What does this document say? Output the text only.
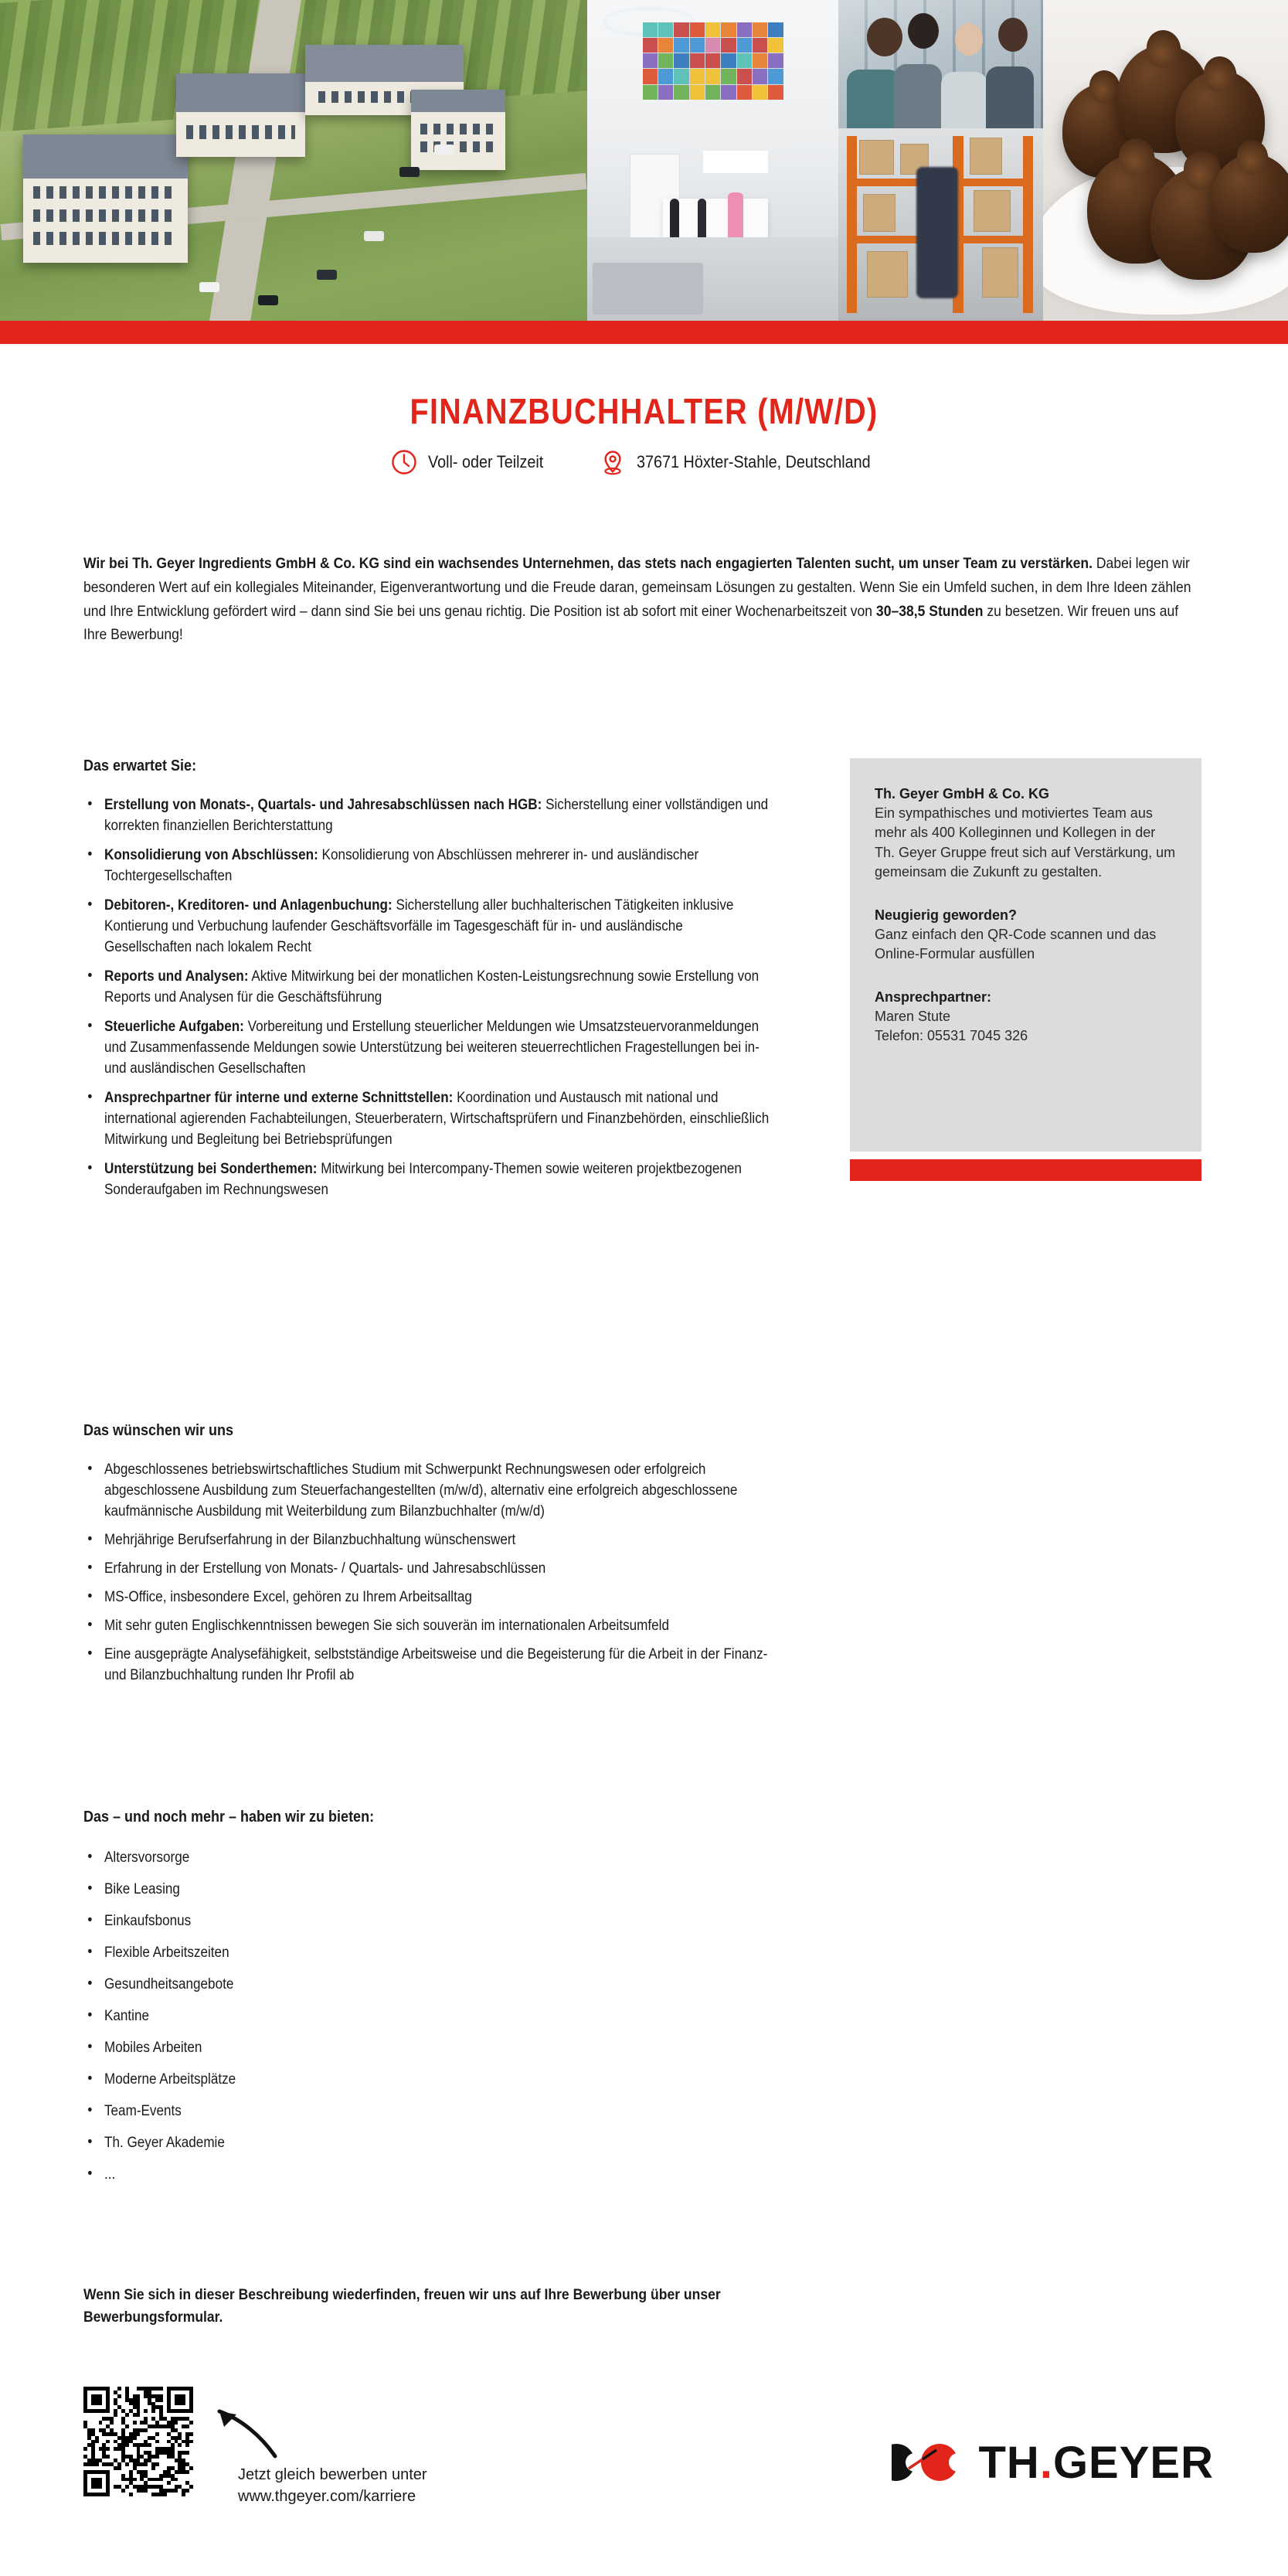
FINANZBUCHHALTER (M/W/D)
Voll- oder Teilzeit	37671 Höxter-Stahle, Deutschland

Wir bei Th. Geyer Ingredients GmbH & Co. KG sind ein wachsendes Unternehmen, das stets nach engagierten Talenten sucht, um unser Team zu verstärken. Dabei legen wir besonderen Wert auf ein kollegiales Miteinander, Eigenverantwortung und die Freude daran, gemeinsam Lösungen zu gestalten. Wenn Sie ein Umfeld suchen, in dem Ihre Ideen zählen und Ihre Entwicklung gefördert wird – dann sind Sie bei uns genau richtig. Die Position ist ab sofort mit einer Wochenarbeitszeit von 30–38,5 Stunden zu besetzen. Wir freuen uns auf Ihre Bewerbung!

Das erwartet Sie:
• Erstellung von Monats-, Quartals- und Jahresabschlüssen nach HGB: Sicherstellung einer vollständigen und korrekten finanziellen Berichterstattung
• Konsolidierung von Abschlüssen: Konsolidierung von Abschlüssen mehrerer in- und ausländischer Tochtergesellschaften
• Debitoren-, Kreditoren- und Anlagenbuchung: Sicherstellung aller buchhalterischen Tätigkeiten inklusive Kontierung und Verbuchung laufender Geschäftsvorfälle im Tagesgeschäft für in- und ausländische Gesellschaften nach lokalem Recht
• Reports und Analysen: Aktive Mitwirkung bei der monatlichen Kosten-Leistungsrechnung sowie Erstellung von Reports und Analysen für die Geschäftsführung
• Steuerliche Aufgaben: Vorbereitung und Erstellung steuerlicher Meldungen wie Umsatzsteuervoranmeldungen und Zusammenfassende Meldungen sowie Unterstützung bei weiteren steuerrechtlichen Fragestellungen bei in- und ausländischen Gesellschaften
• Ansprechpartner für interne und externe Schnittstellen: Koordination und Austausch mit national und international agierenden Fachabteilungen, Steuerberatern, Wirtschaftsprüfern und Finanzbehörden, einschließlich Mitwirkung und Begleitung bei Betriebsprüfungen
• Unterstützung bei Sonderthemen: Mitwirkung bei Intercompany-Themen sowie weiteren projektbezogenen Sonderaufgaben im Rechnungswesen
Das wünschen wir uns
• Abgeschlossenes betriebswirtschaftliches Studium mit Schwerpunkt Rechnungswesen oder erfolgreich abgeschlossene Ausbildung zum Steuerfachangestellten (m/w/d), alternativ eine erfolgreich abgeschlossene kaufmännische Ausbildung mit Weiterbildung zum Bilanzbuchhalter (m/w/d)
• Mehrjährige Berufserfahrung in der Bilanzbuchhaltung wünschenswert
• Erfahrung in der Erstellung von Monats- / Quartals- und Jahresabschlüssen
• MS-Office, insbesondere Excel, gehören zu Ihrem Arbeitsalltag
• Mit sehr guten Englischkenntnissen bewegen Sie sich souverän im internationalen Arbeitsumfeld
• Eine ausgeprägte Analysefähigkeit, selbstständige Arbeitsweise und die Begeisterung für die Arbeit in der Finanz- und Bilanzbuchhaltung runden Ihr Profil ab
Das – und noch mehr – haben wir zu bieten:
• Altersvorsorge
• Bike Leasing
• Einkaufsbonus
• Flexible Arbeitszeiten
• Gesundheitsangebote
• Kantine
• Mobiles Arbeiten
• Moderne Arbeitsplätze
• Team-Events
• Th. Geyer Akademie
• ...
Wenn Sie sich in dieser Beschreibung wiederfinden, freuen wir uns auf Ihre Bewerbung über unser Bewerbungsformular.
Th. Geyer GmbH & Co. KG
Ein sympathisches und motiviertes Team aus mehr als 400 Kolleginnen und Kollegen in der Th. Geyer Gruppe freut sich auf Verstärkung, um gemeinsam die Zukunft zu gestalten.
Neugierig geworden?
Ganz einfach den QR-Code scannen und das Online-Formular ausfüllen
Ansprechpartner:
Maren Stute
Telefon: 05531 7045 326
Jetzt gleich bewerben unter
www.thgeyer.com/karriere
TH.GEYER
